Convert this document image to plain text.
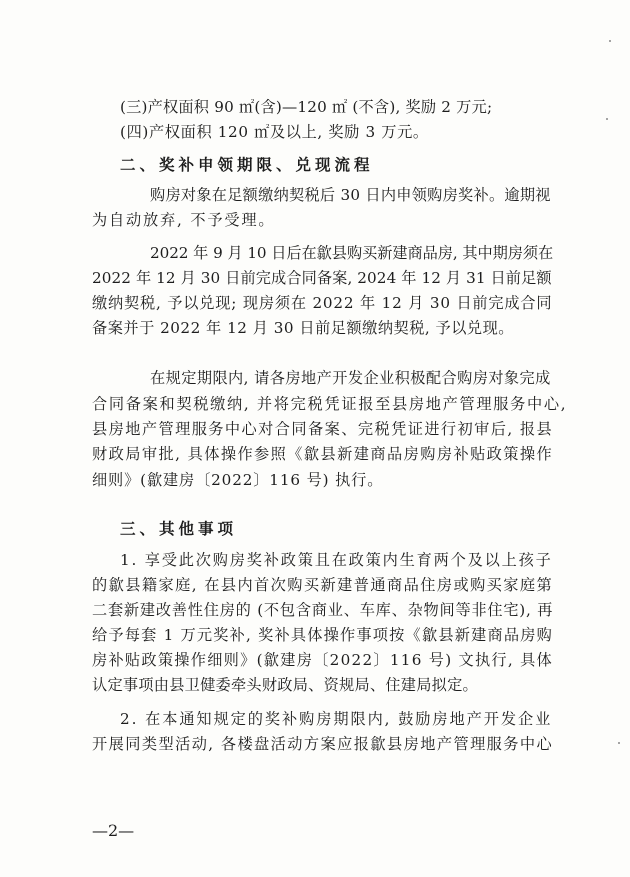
(三)产权面积 90 ㎡(含)—120 ㎡ (不含), 奖励 2 万元;
(四)产权面积 120 ㎡及以上, 奖励 3 万元。
二、奖补申领期限、兑现流程
购房对象在足额缴纳契税后 30 日内申领购房奖补。逾期视
为自动放弃, 不予受理。
2022 年 9 月 10 日后在歙县购买新建商品房, 其中期房须在
2022 年 12 月 30 日前完成合同备案, 2024 年 12 月 31 日前足额
缴纳契税, 予以兑现; 现房须在 2022 年 12 月 30 日前完成合同
备案并于 2022 年 12 月 30 日前足额缴纳契税, 予以兑现。
在规定期限内, 请各房地产开发企业积极配合购房对象完成
合同备案和契税缴纳, 并将完税凭证报至县房地产管理服务中心,
县房地产管理服务中心对合同备案、完税凭证进行初审后, 报县
财政局审批, 具体操作参照《歙县新建商品房购房补贴政策操作
细则》(歙建房〔2022〕116 号) 执行。
三、其他事项
1. 享受此次购房奖补政策且在政策内生育两个及以上孩子
的歙县籍家庭, 在县内首次购买新建普通商品住房或购买家庭第
二套新建改善性住房的 (不包含商业、车库、杂物间等非住宅), 再
给予每套 1 万元奖补, 奖补具体操作事项按《歙县新建商品房购
房补贴政策操作细则》(歙建房〔2022〕116 号) 文执行, 具体
认定事项由县卫健委牵头财政局、资规局、住建局拟定。
2. 在本通知规定的奖补购房期限内, 鼓励房地产开发企业
开展同类型活动, 各楼盘活动方案应报歙县房地产管理服务中心
—2—
